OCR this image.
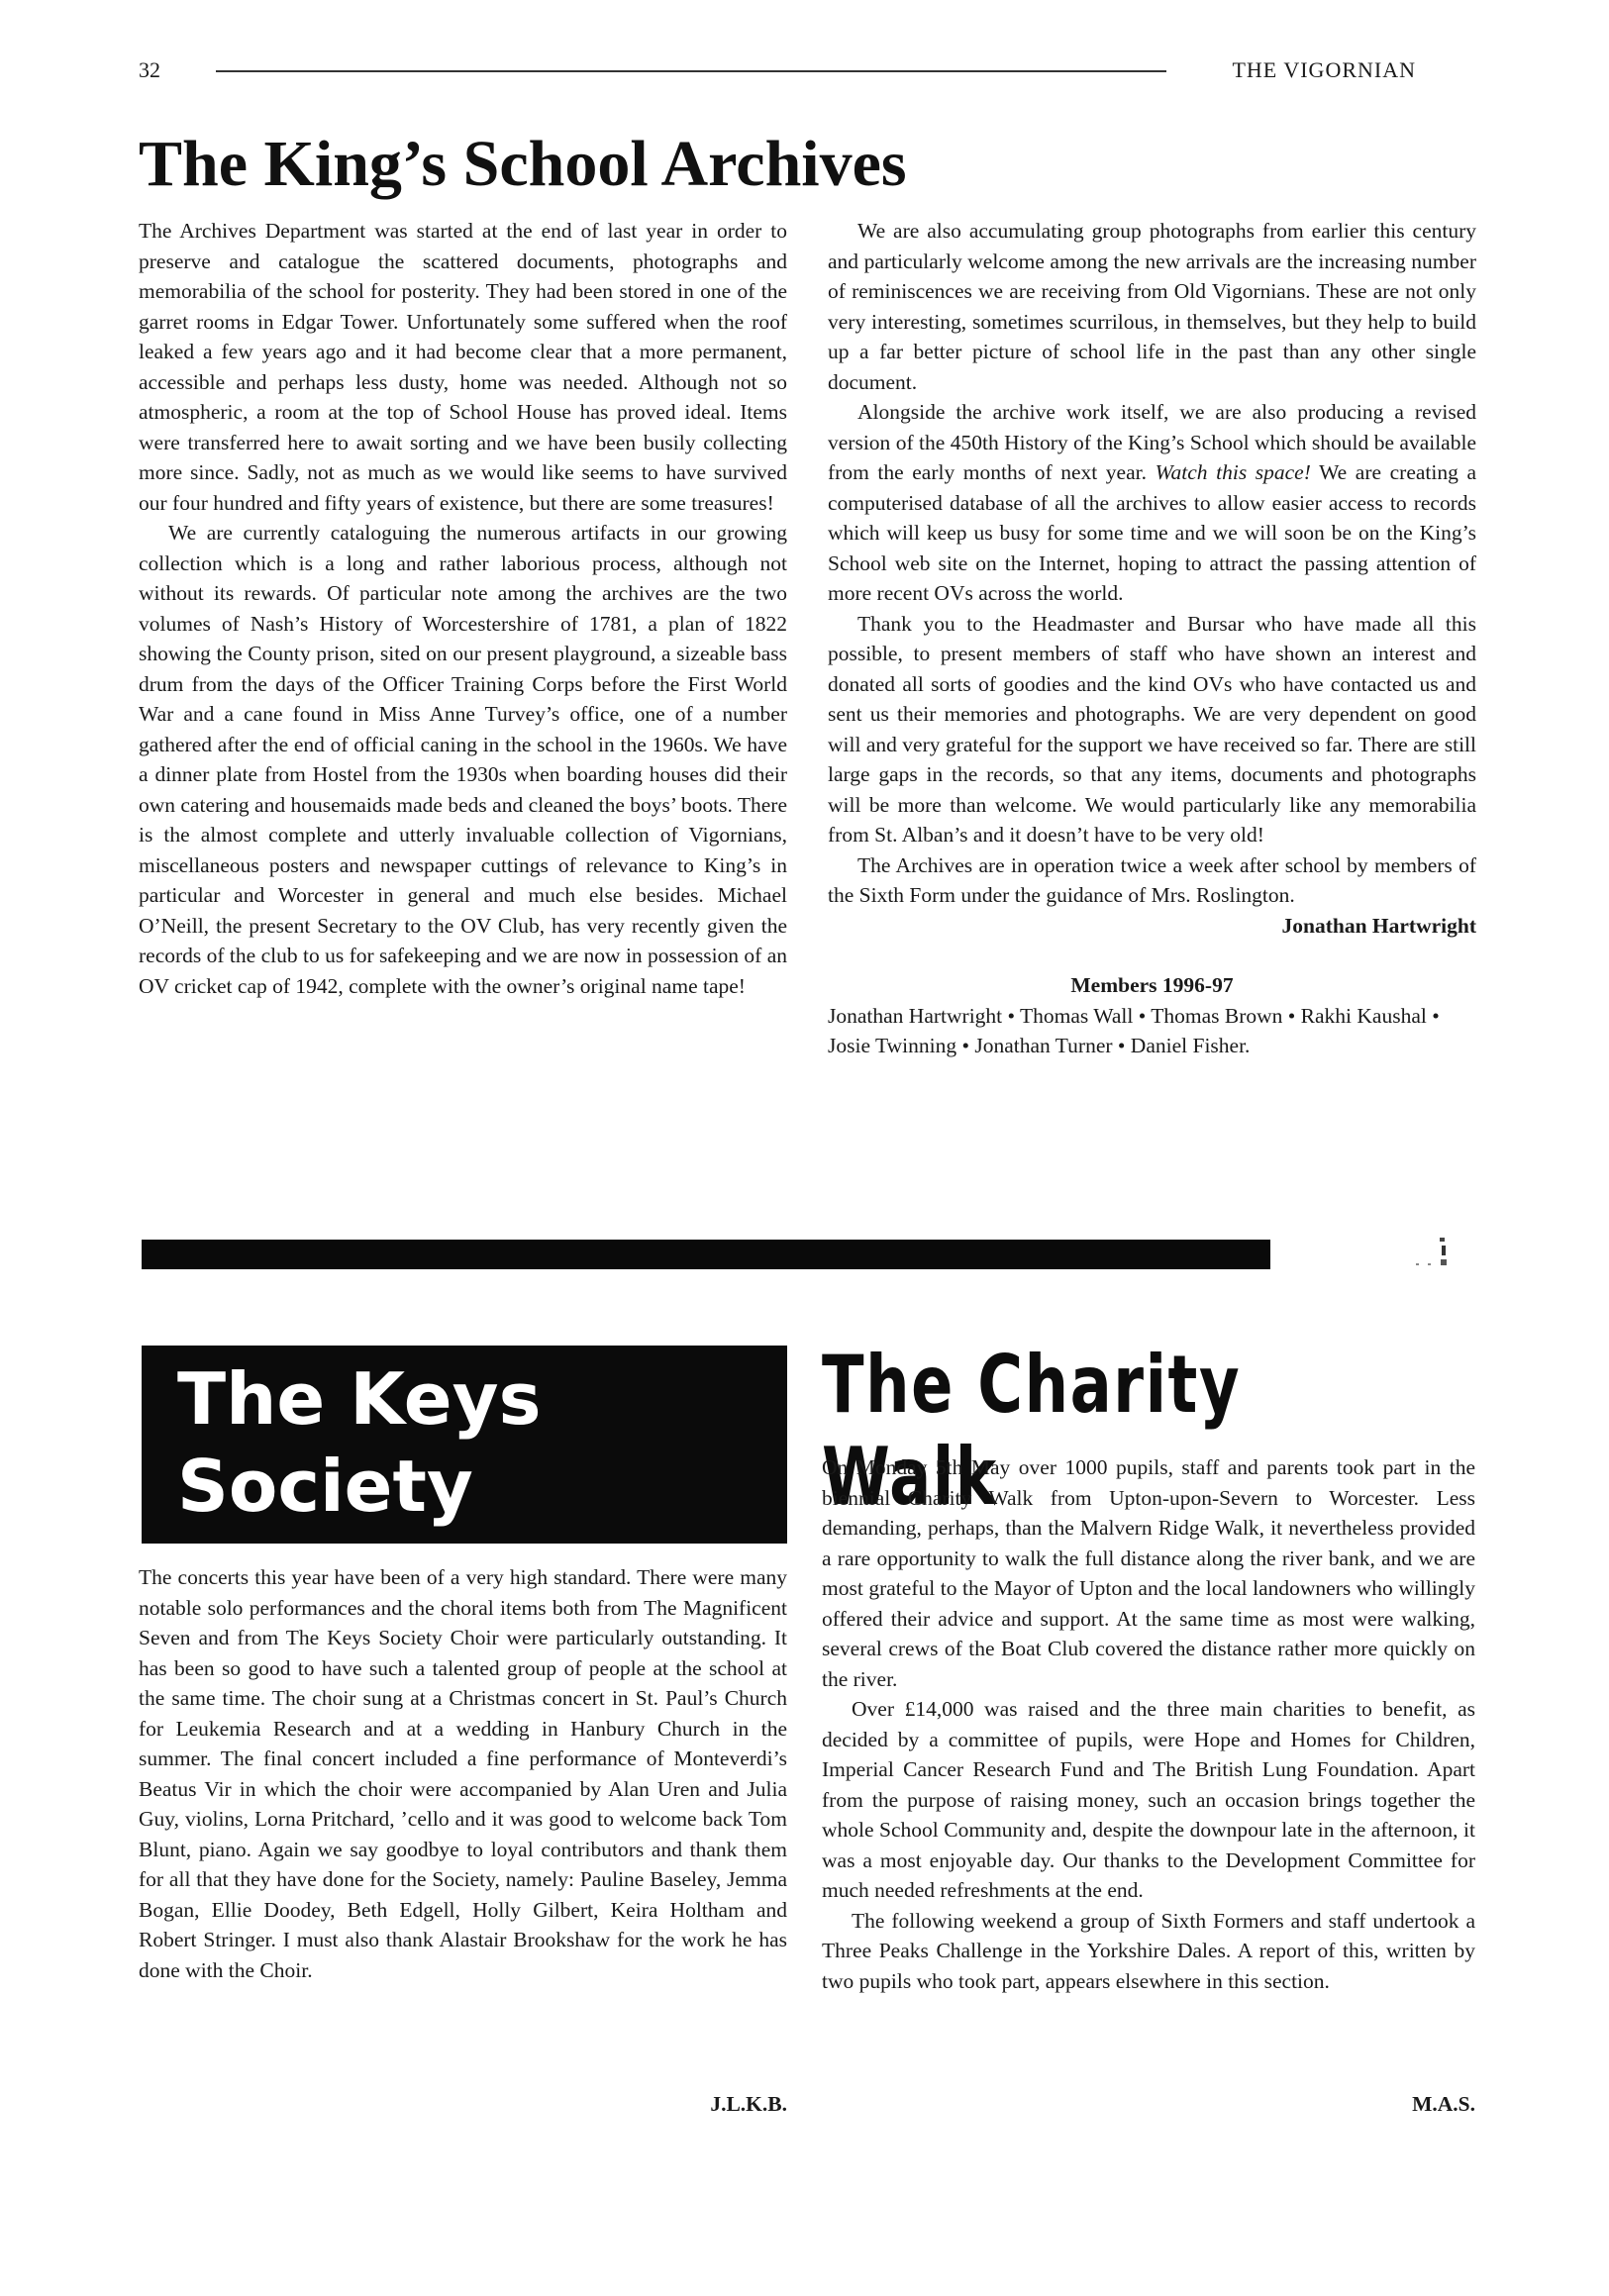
32	THE VIGORNIAN
The King’s School Archives

The Archives Department was started at the end of last year in order to preserve and catalogue the scattered documents, photographs and memorabilia of the school for posterity. They had been stored in one of the garret rooms in Edgar Tower. Unfortunately some suffered when the roof leaked a few years ago and it had become clear that a more permanent, accessible and perhaps less dusty, home was needed. Although not so atmospheric, a room at the top of School House has proved ideal. Items were transferred here to await sorting and we have been busily collecting more since. Sadly, not as much as we would like seems to have survived our four hundred and fifty years of existence, but there are some treasures!

We are currently cataloguing the numerous artifacts in our growing collection which is a long and rather laborious process, although not without its rewards. Of particular note among the archives are the two volumes of Nash’s History of Worcestershire of 1781, a plan of 1822 showing the County prison, sited on our present playground, a sizeable bass drum from the days of the Officer Training Corps before the First World War and a cane found in Miss Anne Turvey’s office, one of a number gathered after the end of official caning in the school in the 1960s. We have a dinner plate from Hostel from the 1930s when boarding houses did their own catering and housemaids made beds and cleaned the boys’ boots. There is the almost complete and utterly invaluable collection of Vigornians, miscellaneous posters and newspaper cuttings of relevance to King’s in particular and Worcester in general and much else besides. Michael O’Neill, the present Secretary to the OV Club, has very recently given the records of the club to us for safekeeping and we are now in possession of an OV cricket cap of 1942, complete with the owner’s original name tape!

We are also accumulating group photographs from earlier this century and particularly welcome among the new arrivals are the increasing number of reminiscences we are receiving from Old Vigornians. These are not only very interesting, sometimes scurrilous, in themselves, but they help to build up a far better picture of school life in the past than any other single document.

Alongside the archive work itself, we are also producing a revised version of the 450th History of the King’s School which should be available from the early months of next year. Watch this space! We are creating a computerised database of all the archives to allow easier access to records which will keep us busy for some time and we will soon be on the King’s School web site on the Internet, hoping to attract the passing attention of more recent OVs across the world.

Thank you to the Headmaster and Bursar who have made all this possible, to present members of staff who have shown an interest and donated all sorts of goodies and the kind OVs who have contacted us and sent us their memories and photographs. We are very dependent on good will and very grateful for the support we have received so far. There are still large gaps in the records, so that any items, documents and photographs will be more than welcome. We would particularly like any memorabilia from St. Alban’s and it doesn’t have to be very old!

The Archives are in operation twice a week after school by members of the Sixth Form under the guidance of Mrs. Roslington.

Jonathan Hartwright
Members 1996-97
Jonathan Hartwright • Thomas Wall • Thomas Brown • Rakhi Kaushal • Josie Twinning • Jonathan Turner • Daniel Fisher.
The Keys
Society

The concerts this year have been of a very high standard. There were many notable solo performances and the choral items both from The Magnificent Seven and from The Keys Society Choir were particularly outstanding. It has been so good to have such a talented group of people at the school at the same time. The choir sung at a Christmas concert in St. Paul’s Church for Leukemia Research and at a wedding in Hanbury Church in the summer. The final concert included a fine performance of Monteverdi’s Beatus Vir in which the choir were accompanied by Alan Uren and Julia Guy, violins, Lorna Pritchard, ’cello and it was good to welcome back Tom Blunt, piano. Again we say goodbye to loyal contributors and thank them for all that they have done for the Society, namely: Pauline Baseley, Jemma Bogan, Ellie Doodey, Beth Edgell, Holly Gilbert, Keira Holtham and Robert Stringer. I must also thank Alastair Brookshaw for the work he has done with the Choir.

J.L.K.B.
The Charity Walk

On Monday 5th May over 1000 pupils, staff and parents took part in the biennial Charity Walk from Upton-upon-Severn to Worcester. Less demanding, perhaps, than the Malvern Ridge Walk, it nevertheless provided a rare opportunity to walk the full distance along the river bank, and we are most grateful to the Mayor of Upton and the local landowners who willingly offered their advice and support. At the same time as most were walking, several crews of the Boat Club covered the distance rather more quickly on the river.

Over £14,000 was raised and the three main charities to benefit, as decided by a committee of pupils, were Hope and Homes for Children, Imperial Cancer Research Fund and The British Lung Foundation. Apart from the purpose of raising money, such an occasion brings together the whole School Community and, despite the downpour late in the afternoon, it was a most enjoyable day. Our thanks to the Development Committee for much needed refreshments at the end.

The following weekend a group of Sixth Formers and staff undertook a Three Peaks Challenge in the Yorkshire Dales. A report of this, written by two pupils who took part, appears elsewhere in this section.

M.A.S.
